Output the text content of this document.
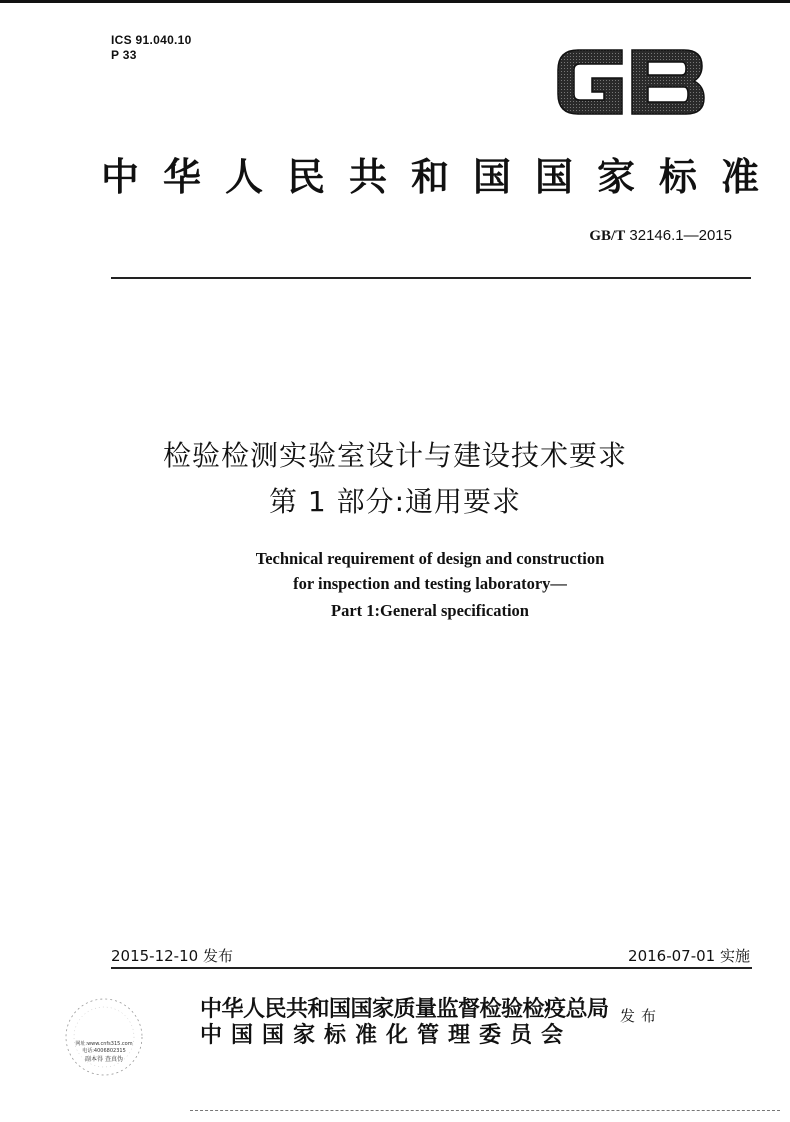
ICS 91.040.10
P 33
中 华 人 民 共 和 国 国 家 标 准
GB/T 32146.1—2015
检验检测实验室设计与建设技术要求
第 1 部分:通用要求
Technical requirement of design and construction
for inspection and testing laboratory—
Part 1:General specification
2015-12-10 发布	2016-07-01 实施
网址:www.cnfs315.com
电话:4006802315
副本得 查真伪
中华人民共和国国家质量监督检验检疫总局
中国国家标准化管理委员会
发布
